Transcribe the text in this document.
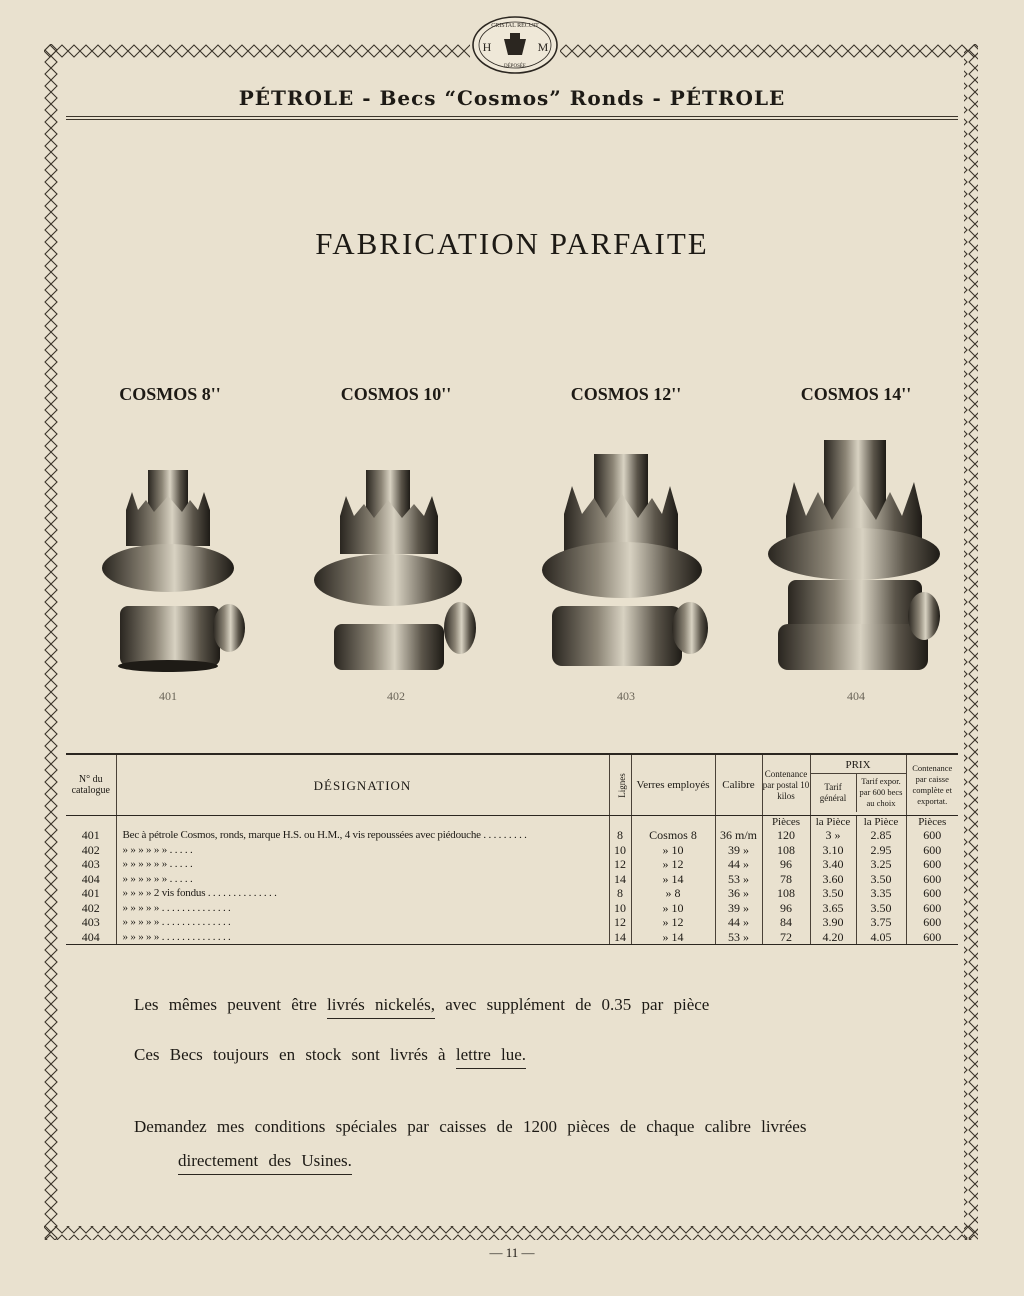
CRISTAL RECUIT
H	M
DÉPOSÉE
PÉTROLE - Becs “Cosmos” Ronds - PÉTROLE
FABRICATION PARFAITE
COSMOS 8''	COSMOS 10''	COSMOS 12''	COSMOS 14''
401	402	403	404
N° du catalogue	DÉSIGNATION	Lignes	Verres employés	Calibre	Contenance par postal 10 kilos	PRIX
Tarif général
Tarif expor. par 600 becs au choix		Contenance par caisse complète et exportat.
					Pièces	la Pièce	la Pièce	Pièces
401	Bec à pétrole Cosmos, ronds, marque H.S. ou H.M., 4 vis repoussées avec piédouche . . . . . . . . .	8	Cosmos 8	36 m/m	120	3 »	2.85	600
402	» » » » » » . . . . .	10	» 10	39 »	108	3.10	2.95	600
403	» » » » » » . . . . .	12	» 12	44 »	96	3.40	3.25	600
404	» » » » » » . . . . .	14	» 14	53 »	78	3.60	3.50	600
401	» » » » 2 vis fondus . . . . . . . . . . . . . .	8	» 8	36 »	108	3.50	3.35	600
402	» » » » » . . . . . . . . . . . . . .	10	» 10	39 »	96	3.65	3.50	600
403	» » » » » . . . . . . . . . . . . . .	12	» 12	44 »	84	3.90	3.75	600
404	» » » » » . . . . . . . . . . . . . .	14	» 14	53 »	72	4.20	4.05	600
Les mêmes peuvent être livrés nickelés, avec supplément de 0.35 par pièce
Ces Becs toujours en stock sont livrés à lettre lue.
Demandez mes conditions spéciales par caisses de 1200 pièces de chaque calibre livrées
directement des Usines.
— 11 —
